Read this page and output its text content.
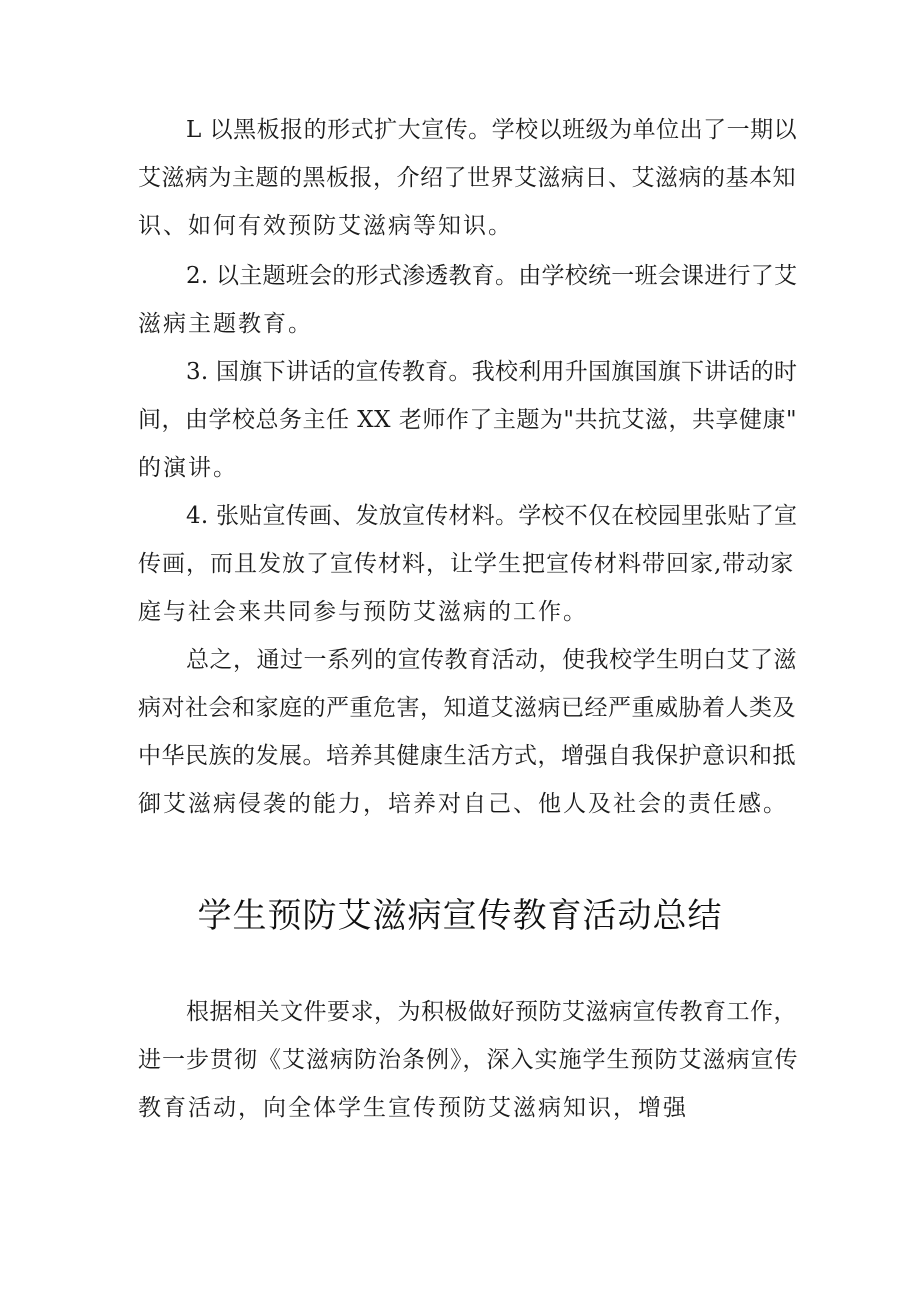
L 以黑板报的形式扩大宣传。学校以班级为单位出了一期以
艾滋病为主题的黑板报，介绍了世界艾滋病日、艾滋病的基本知
识、如何有效预防艾滋病等知识。
2. 以主题班会的形式渗透教育。由学校统一班会课进行了艾
滋病主题教育。
3. 国旗下讲话的宣传教育。我校利用升国旗国旗下讲话的时
间，由学校总务主任 XX 老师作了主题为"共抗艾滋，共享健康"
的演讲。
4. 张贴宣传画、发放宣传材料。学校不仅在校园里张贴了宣
传画，而且发放了宣传材料，让学生把宣传材料带回家,带动家
庭与社会来共同参与预防艾滋病的工作。
总之，通过一系列的宣传教育活动，使我校学生明白艾了滋
病对社会和家庭的严重危害，知道艾滋病已经严重威胁着人类及
中华民族的发展。培养其健康生活方式，增强自我保护意识和抵
御艾滋病侵袭的能力，培养对自己、他人及社会的责任感。
学生预防艾滋病宣传教育活动总结
根据相关文件要求，为积极做好预防艾滋病宣传教育工作，
进一步贯彻《艾滋病防治条例》，深入实施学生预防艾滋病宣传
教育活动，向全体学生宣传预防艾滋病知识，增强
